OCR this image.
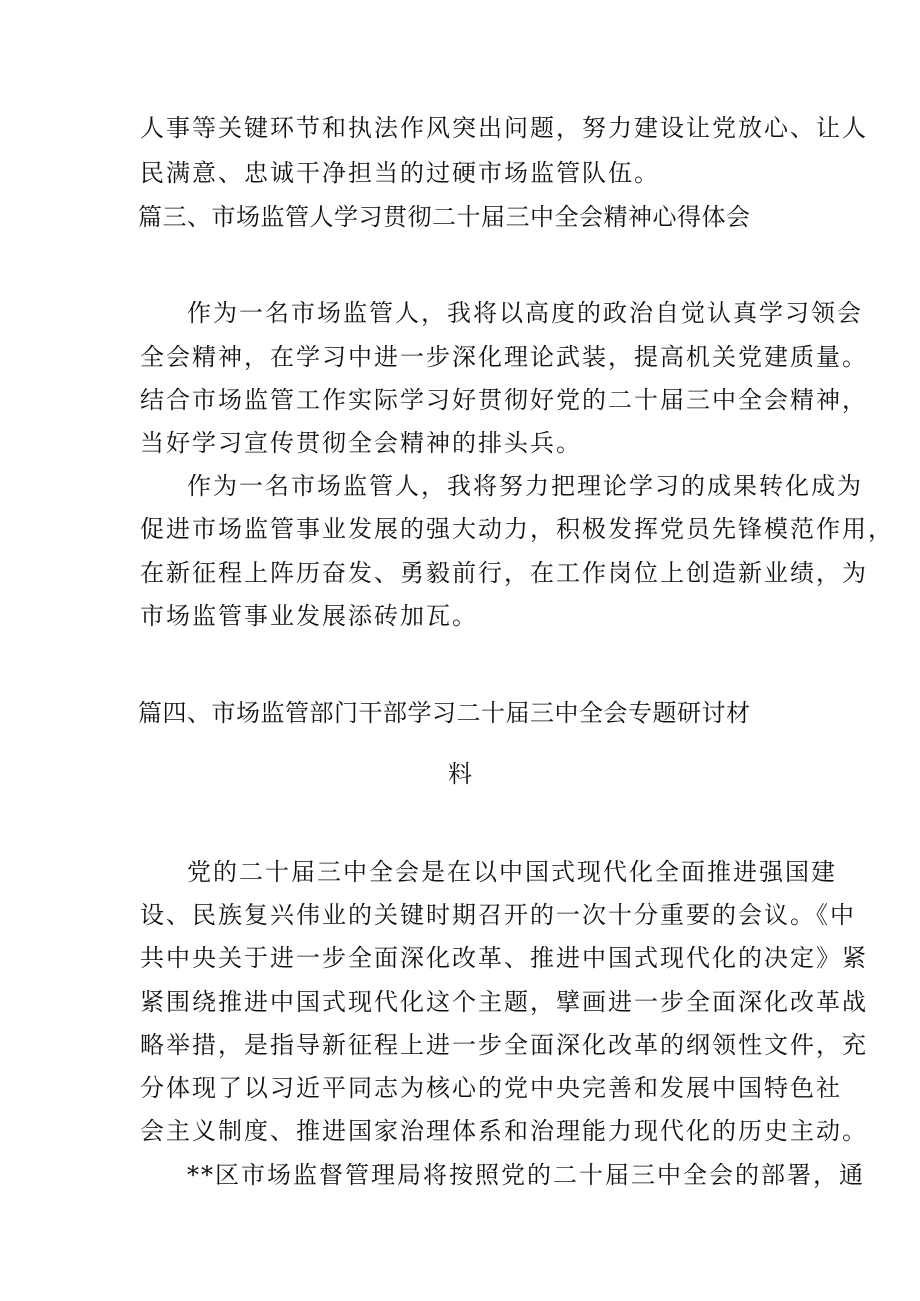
人事等关键环节和执法作风突出问题，努力建设让党放心、让人
民满意、忠诚干净担当的过硬市场监管队伍。
篇三、市场监管人学习贯彻二十届三中全会精神心得体会
作为一名市场监管人，我将以高度的政治自觉认真学习领会
全会精神，在学习中进一步深化理论武装，提高机关党建质量。
结合市场监管工作实际学习好贯彻好党的二十届三中全会精神，
当好学习宣传贯彻全会精神的排头兵。
作为一名市场监管人，我将努力把理论学习的成果转化成为
促进市场监管事业发展的强大动力，积极发挥党员先锋模范作用，
在新征程上阵历奋发、勇毅前行，在工作岗位上创造新业绩，为
市场监管事业发展添砖加瓦。
篇四、市场监管部门干部学习二十届三中全会专题研讨材
料
党的二十届三中全会是在以中国式现代化全面推进强国建
设、民族复兴伟业的关键时期召开的一次十分重要的会议。《中
共中央关于进一步全面深化改革、推进中国式现代化的决定》紧
紧围绕推进中国式现代化这个主题，擘画进一步全面深化改革战
略举措，是指导新征程上进一步全面深化改革的纲领性文件，充
分体现了以习近平同志为核心的党中央完善和发展中国特色社
会主义制度、推进国家治理体系和治理能力现代化的历史主动。
**区市场监督管理局将按照党的二十届三中全会的部署，通
